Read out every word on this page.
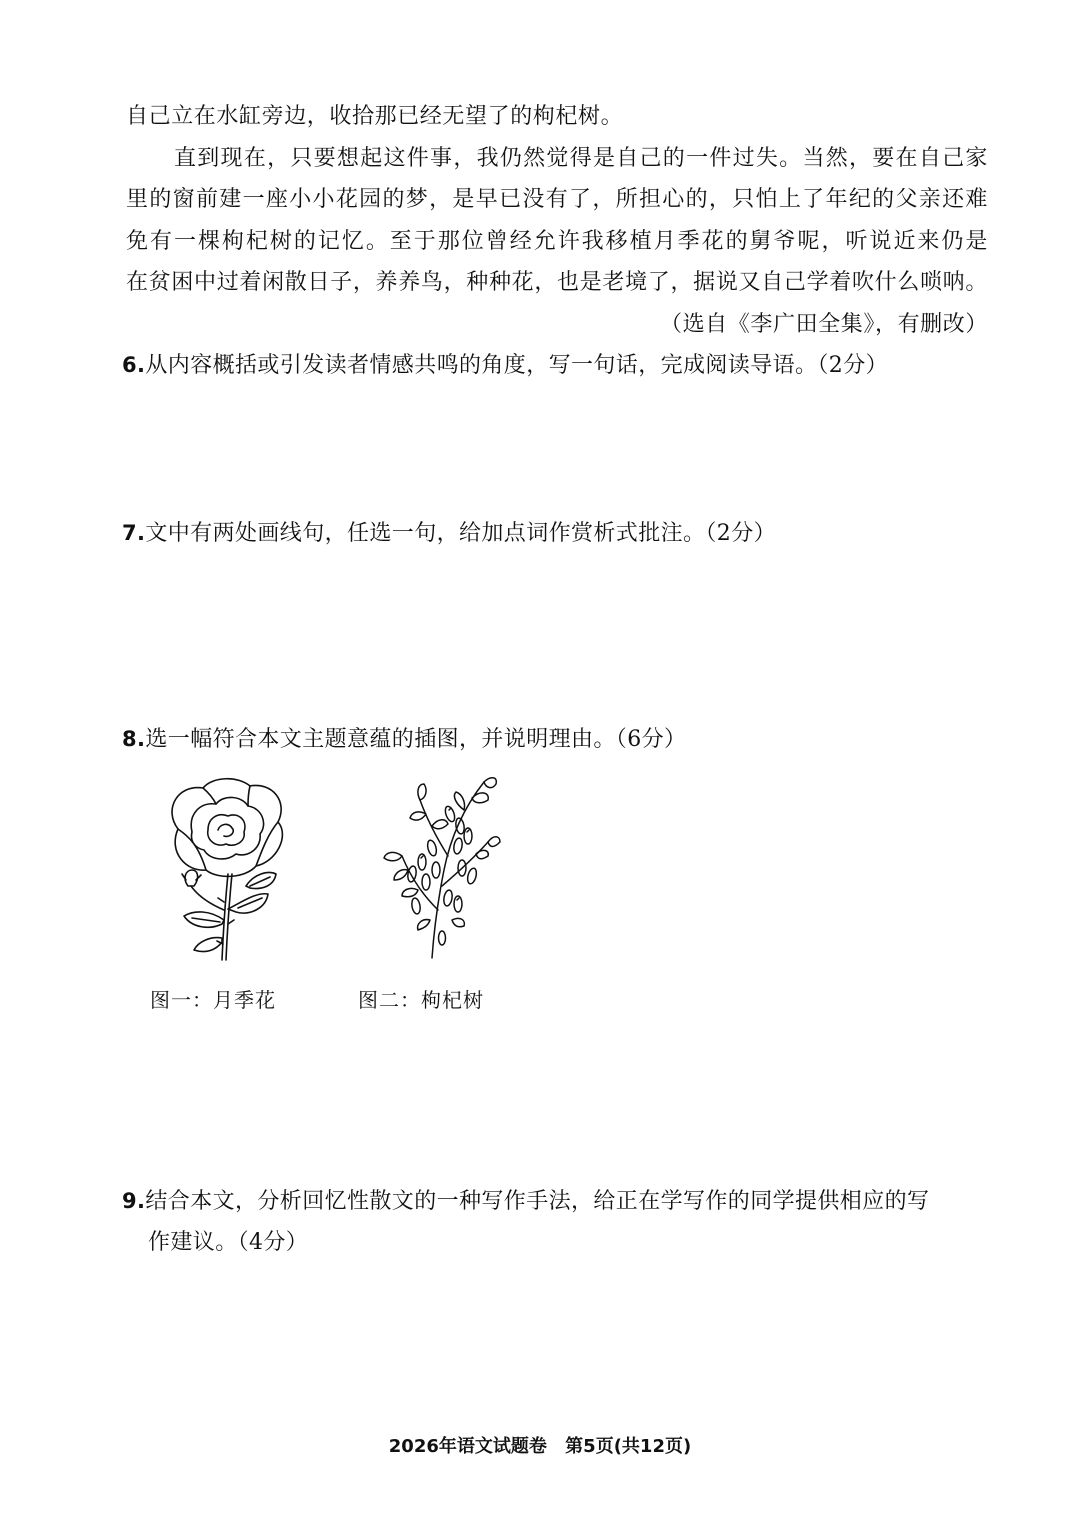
自己立在水缸旁边，收拾那已经无望了的枸杞树。
直到现在，只要想起这件事，我仍然觉得是自己的一件过失。当然，要在自己家
里的窗前建一座小小花园的梦，是早已没有了，所担心的，只怕上了年纪的父亲还难
免有一棵枸杞树的记忆。至于那位曾经允许我移植月季花的舅爷呢，听说近来仍是
在贫困中过着闲散日子，养养鸟，种种花，也是老境了，据说又自己学着吹什么唢呐。
（选自《李广田全集》，有删改）
6.从内容概括或引发读者情感共鸣的角度，写一句话，完成阅读导语。（2分）
7.文中有两处画线句，任选一句，给加点词作赏析式批注。（2分）
8.选一幅符合本文主题意蕴的插图，并说明理由。（6分）
图一：月季花	图二：枸杞树
9.结合本文，分析回忆性散文的一种写作手法，给正在学写作的同学提供相应的写
作建议。（4分）
2026年语文试题卷 第5页(共12页)
